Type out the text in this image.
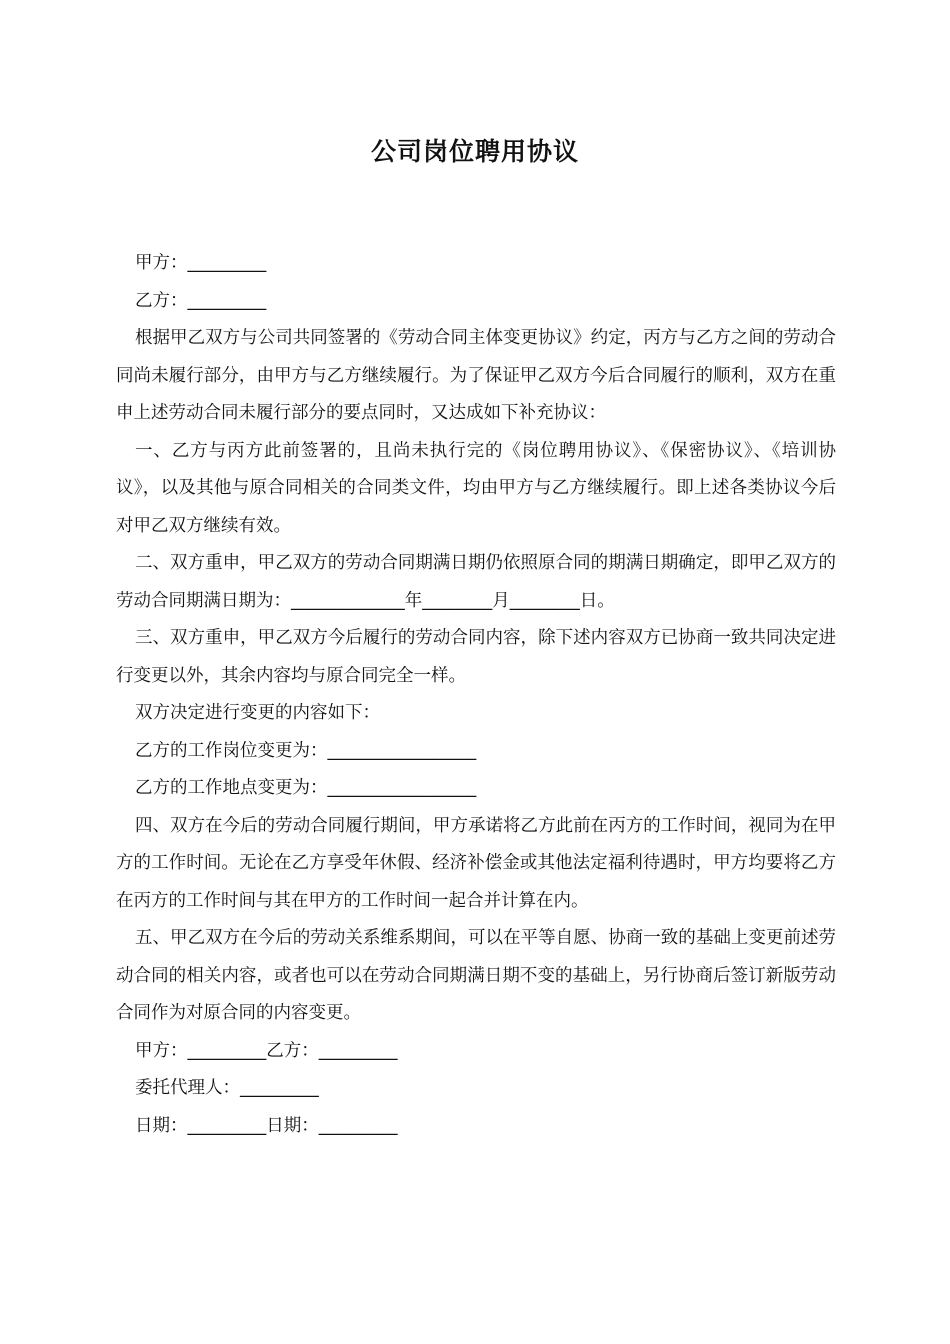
公司岗位聘用协议

甲方：_________

乙方：_________

根据甲乙双方与公司共同签署的《劳动合同主体变更协议》约定，丙方与乙方之间的劳动合同尚未履行部分，由甲方与乙方继续履行。为了保证甲乙双方今后合同履行的顺利，双方在重申上述劳动合同未履行部分的要点同时，又达成如下补充协议：

一、乙方与丙方此前签署的，且尚未执行完的《岗位聘用协议》、《保密协议》、《培训协议》，以及其他与原合同相关的合同类文件，均由甲方与乙方继续履行。即上述各类协议今后对甲乙双方继续有效。

二、双方重申，甲乙双方的劳动合同期满日期仍依照原合同的期满日期确定，即甲乙双方的劳动合同期满日期为：_____________年________月________日。

三、双方重申，甲乙双方今后履行的劳动合同内容，除下述内容双方已协商一致共同决定进行变更以外，其余内容均与原合同完全一样。

双方决定进行变更的内容如下：

乙方的工作岗位变更为：_________________

乙方的工作地点变更为：_________________

四、双方在今后的劳动合同履行期间，甲方承诺将乙方此前在丙方的工作时间，视同为在甲方的工作时间。无论在乙方享受年休假、经济补偿金或其他法定福利待遇时，甲方均要将乙方在丙方的工作时间与其在甲方的工作时间一起合并计算在内。

五、甲乙双方在今后的劳动关系维系期间，可以在平等自愿、协商一致的基础上变更前述劳动合同的相关内容，或者也可以在劳动合同期满日期不变的基础上，另行协商后签订新版劳动合同作为对原合同的内容变更。

甲方：_________乙方：_________

委托代理人：_________

日期：_________日期：_________
